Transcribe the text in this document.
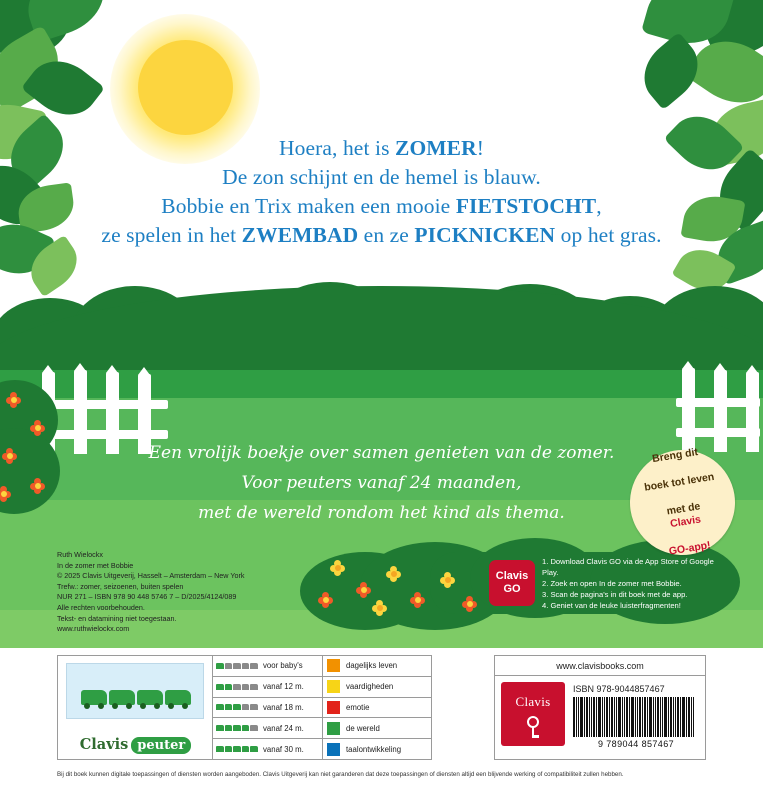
Hoera, het is ZOMER!
De zon schijnt en de hemel is blauw.
Bobbie en Trix maken een mooie FIETSTOCHT,
ze spelen in het ZWEMBAD en ze PICKNICKEN op het gras.
Een vrolijk boekje over samen genieten van de zomer.
Voor peuters vanaf 24 maanden,
met de wereld rondom het kind als thema.
Breng dit

boek tot leven

met de
Clavis

GO-app!
Clavis
GO
1. Download Clavis GO via de App Store of Google Play.
2. Zoek en open In de zomer met Bobbie.
3. Scan de pagina's in dit boek met de app.
4. Geniet van de leuke luisterfragmenten!
Ruth Wielockx
In de zomer met Bobbie
© 2025 Clavis Uitgeverij, Hasselt – Amsterdam – New York
Trefw.: zomer, seizoenen, buiten spelen
NUR 271 – ISBN 978 90 448 5746 7 – D/2025/4124/089
Alle rechten voorbehouden.
Tekst- en datamining niet toegestaan.
www.ruthwielockx.com
Clavis peuter
voor baby's
vanaf 12 m.
vanaf 18 m.
vanaf 24 m.
vanaf 30 m.
dagelijks leven
vaardigheden
emotie
de wereld
taalontwikkeling
www.clavisbooks.com
Clavis
ISBN 978-9044857467
9 789044 857467
Bij dit boek kunnen digitale toepassingen of diensten worden aangeboden. Clavis Uitgeverij kan niet garanderen dat deze toepassingen of diensten altijd een blijvende werking of compatibiliteit zullen hebben.
